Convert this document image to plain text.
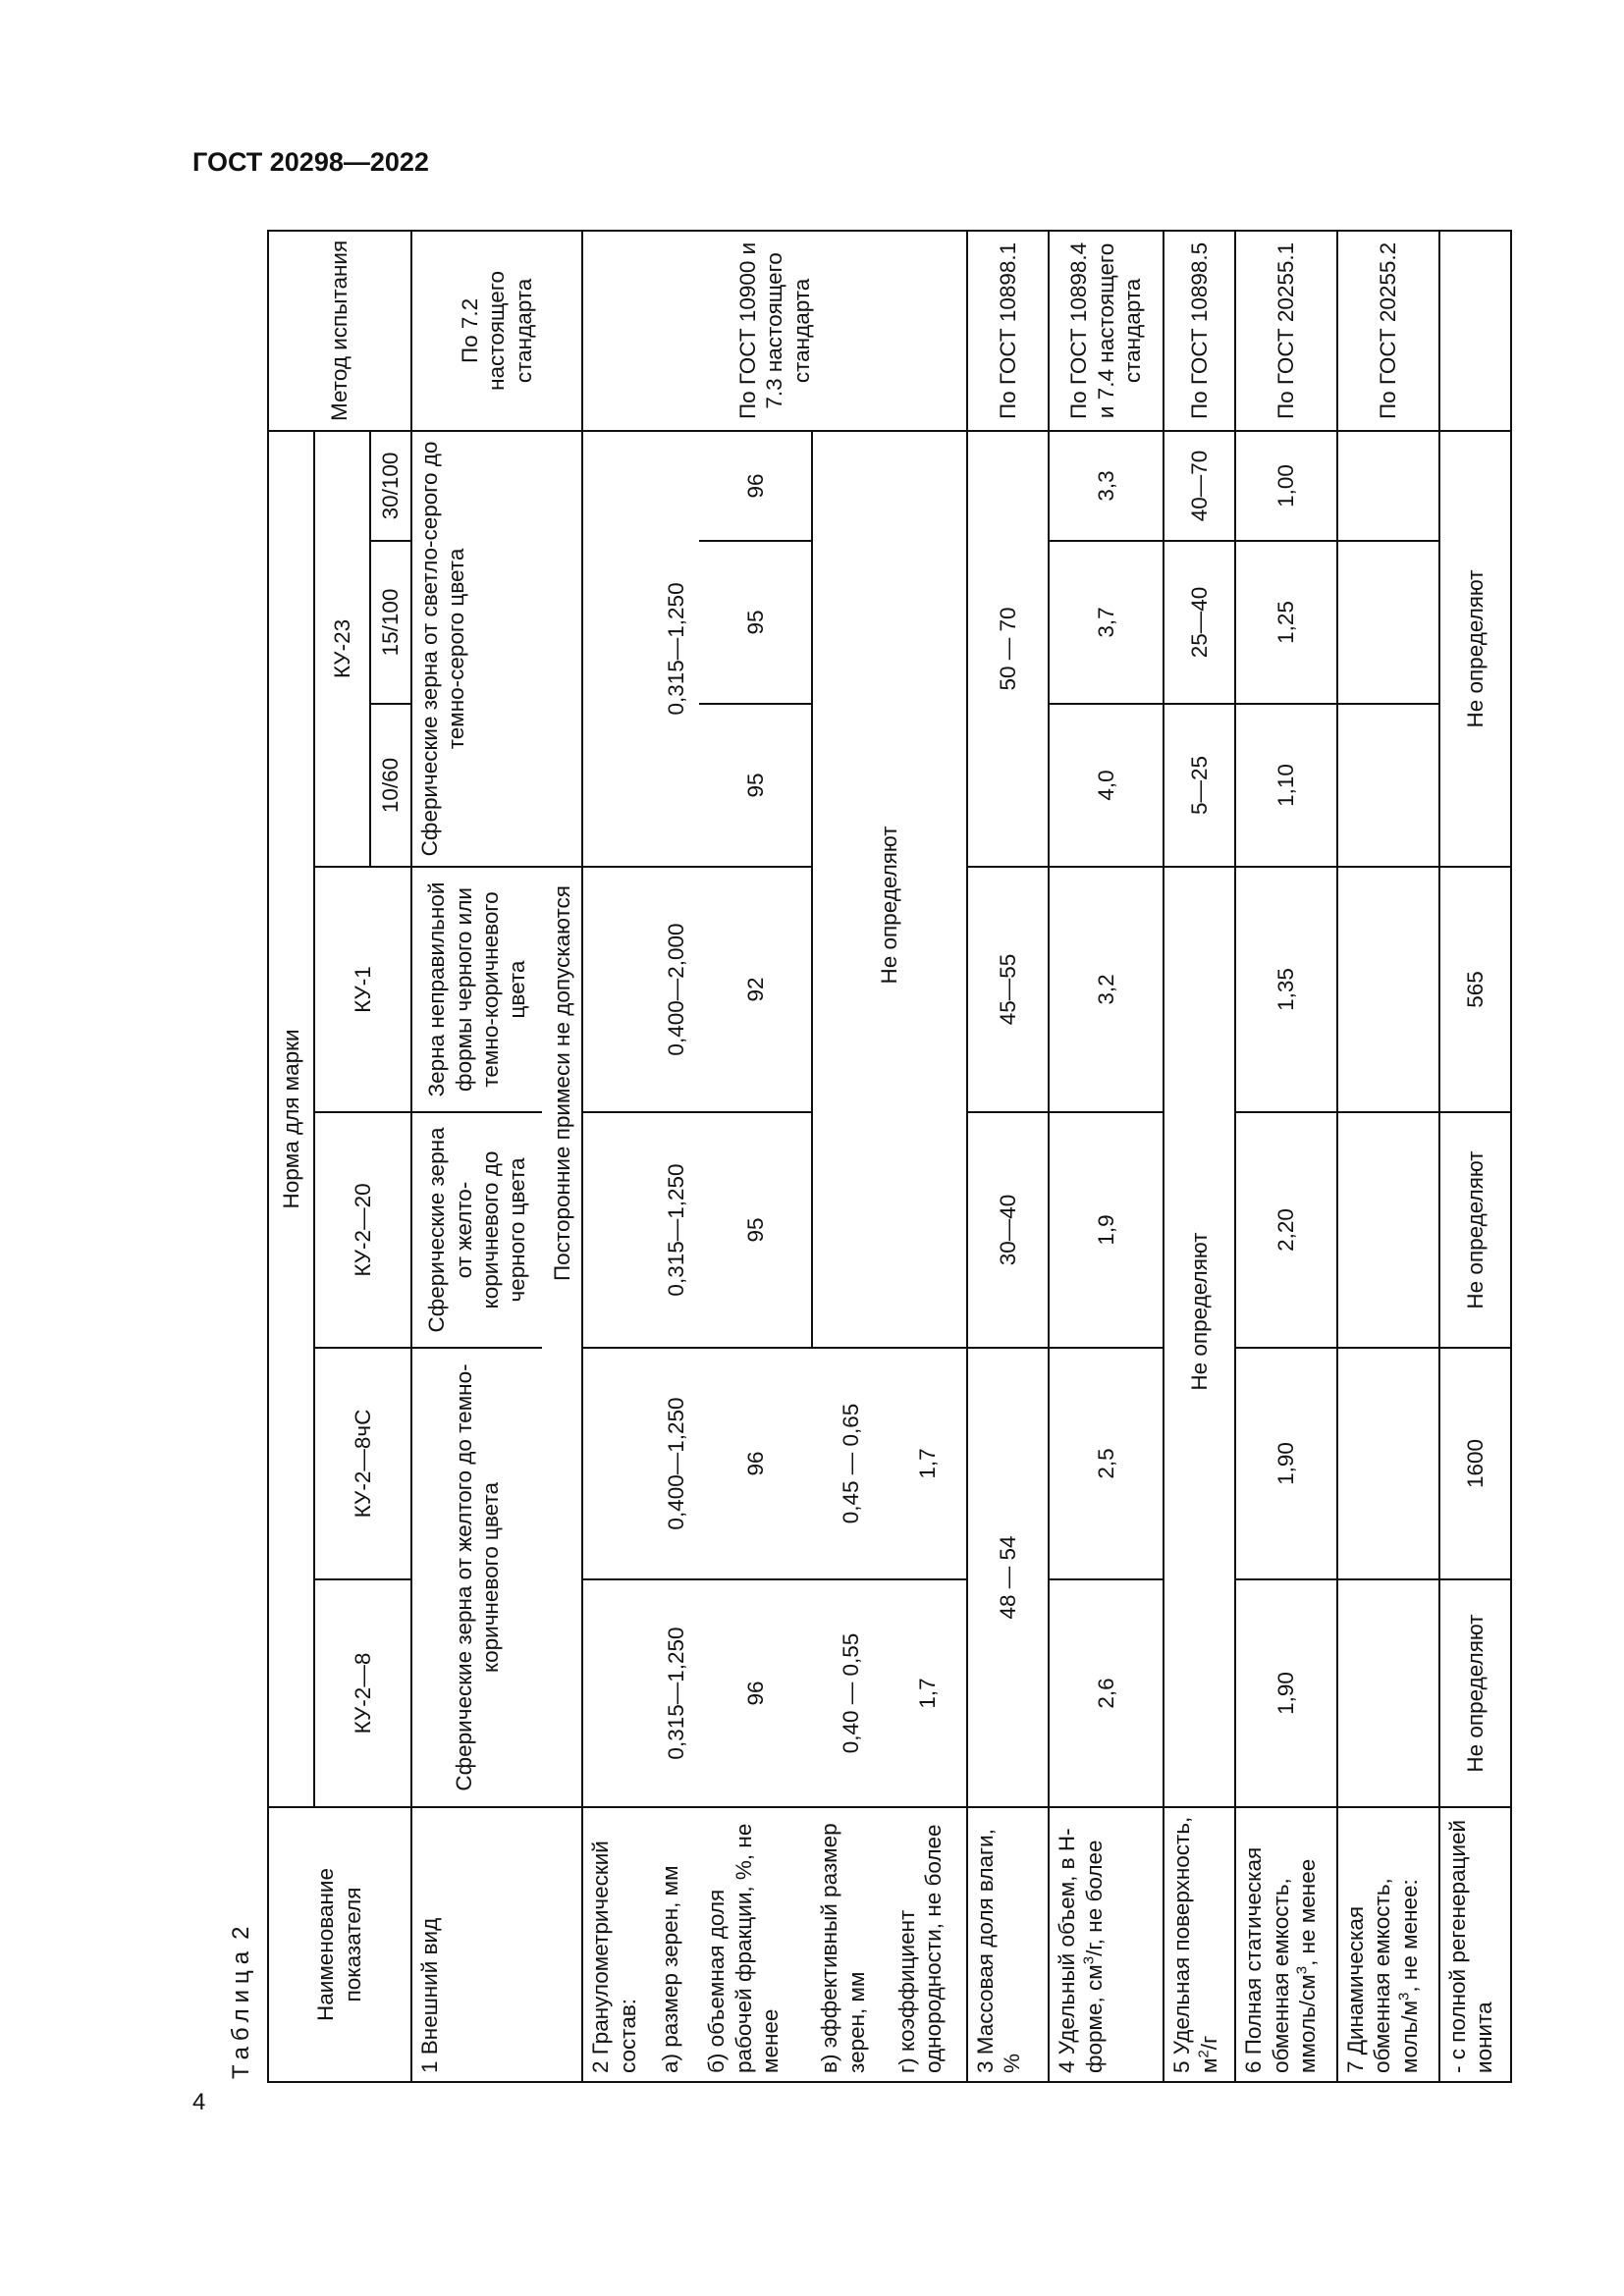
ГОСТ 20298—2022
Таблица2	Наименование показателя	Норма для марки							Метод испытания
	КУ-2—8	КУ-2—8чС	КУ-2—20	КУ-1	КУ-23			
					10/60	15/100	30/100	
1 Внешний вид	Сферические зерна от желтого до темно-коричневого цвета		Сферические зерна от желто-коричневого до черного цвета	Зерна неправильной формы черного или темно-коричневого цвета	Сферические зерна от светло-серого до темно-серого цвета			По 7.2 настоящего стандарта
		Посторонние примеси не допускаются						
2 Гранулометрический состав:								По ГОСТ 10900 и 7.3 настоящего стандарта
а) размер зерен, мм	0,315—1,250	0,400—1,250	0,315—1,250	0,400—2,000	0,315—1,250			
б) объемная доля рабочей фракции, %, не менее	96	96	95	92	95	95	96	
в) эффективный размер зерен, мм	0,40 — 0,55	0,45 — 0,65	Не определяют					
г) коэффициент однородности, не более	1,7	1,7						
3 Массовая доля влаги, %	48 — 54		30—40	45—55	50 — 70			По ГОСТ 10898.1
4 Удельный объем, в Н-форме, $см^3/г$, не более	2,6	2,5	1,9	3,2	4,0	3,7	3,3	По ГОСТ 10898.4 и 7.4 настоящего стандарта
5 Удельная поверхность, $м^2/г$	Не определяют				5—25	25—40	40—70	По ГОСТ 10898.5
6 Полная статическая обменная емкость, ммоль/$см^3$, не менее	1,90	1,90	2,20	1,35	1,10	1,25	1,00	По ГОСТ 20255.1
7 Динамическая обменная емкость, моль/$м^3$, не менее:								По ГОСТ 20255.2
- с полной регенерацией ионита	Не определяют	1600	Не определяют	565	Не определяют			
4
